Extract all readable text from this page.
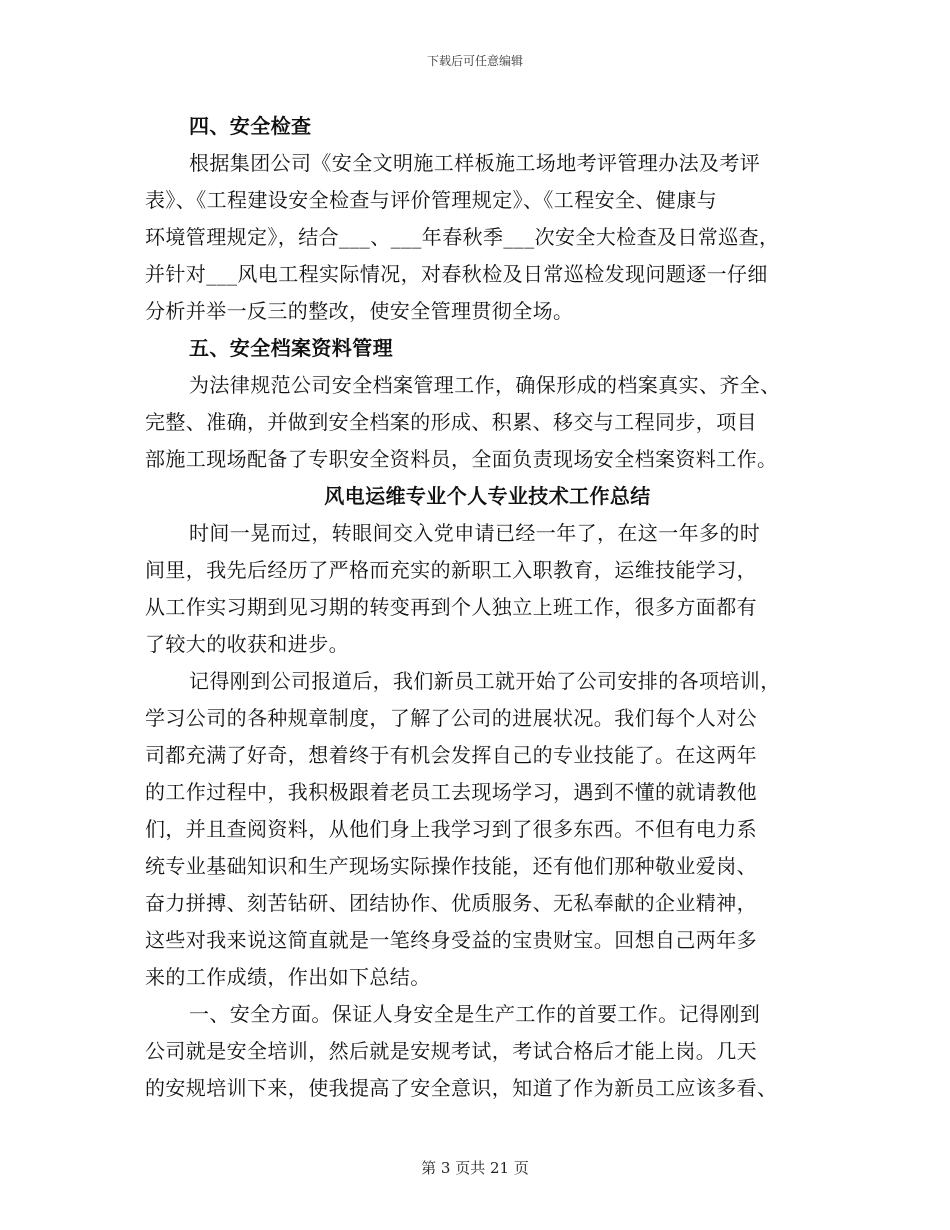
下载后可任意编辑
四、安全检查
根据集团公司《安全文明施工样板施工场地考评管理办法及考评
表》、《工程建设安全检查与评价管理规定》、《工程安全、健康与
环境管理规定》，结合___、___年春秋季___次安全大检查及日常巡查，
并针对___风电工程实际情况，对春秋检及日常巡检发现问题逐一仔细
分析并举一反三的整改，使安全管理贯彻全场。
五、安全档案资料管理
为法律规范公司安全档案管理工作，确保形成的档案真实、齐全、
完整、准确，并做到安全档案的形成、积累、移交与工程同步，项目
部施工现场配备了专职安全资料员，全面负责现场安全档案资料工作。
风电运维专业个人专业技术工作总结
时间一晃而过，转眼间交入党申请已经一年了，在这一年多的时
间里，我先后经历了严格而充实的新职工入职教育，运维技能学习，
从工作实习期到见习期的转变再到个人独立上班工作，很多方面都有
了较大的收获和进步。
记得刚到公司报道后，我们新员工就开始了公司安排的各项培训，
学习公司的各种规章制度，了解了公司的进展状况。我们每个人对公
司都充满了好奇，想着终于有机会发挥自己的专业技能了。在这两年
的工作过程中，我积极跟着老员工去现场学习，遇到不懂的就请教他
们，并且查阅资料，从他们身上我学习到了很多东西。不但有电力系
统专业基础知识和生产现场实际操作技能，还有他们那种敬业爱岗、
奋力拼搏、刻苦钻研、团结协作、优质服务、无私奉献的企业精神，
这些对我来说这简直就是一笔终身受益的宝贵财宝。回想自己两年多
来的工作成绩，作出如下总结。
一、安全方面。保证人身安全是生产工作的首要工作。记得刚到
公司就是安全培训，然后就是安规考试，考试合格后才能上岗。几天
的安规培训下来，使我提高了安全意识，知道了作为新员工应该多看、
第 3 页共 21 页
